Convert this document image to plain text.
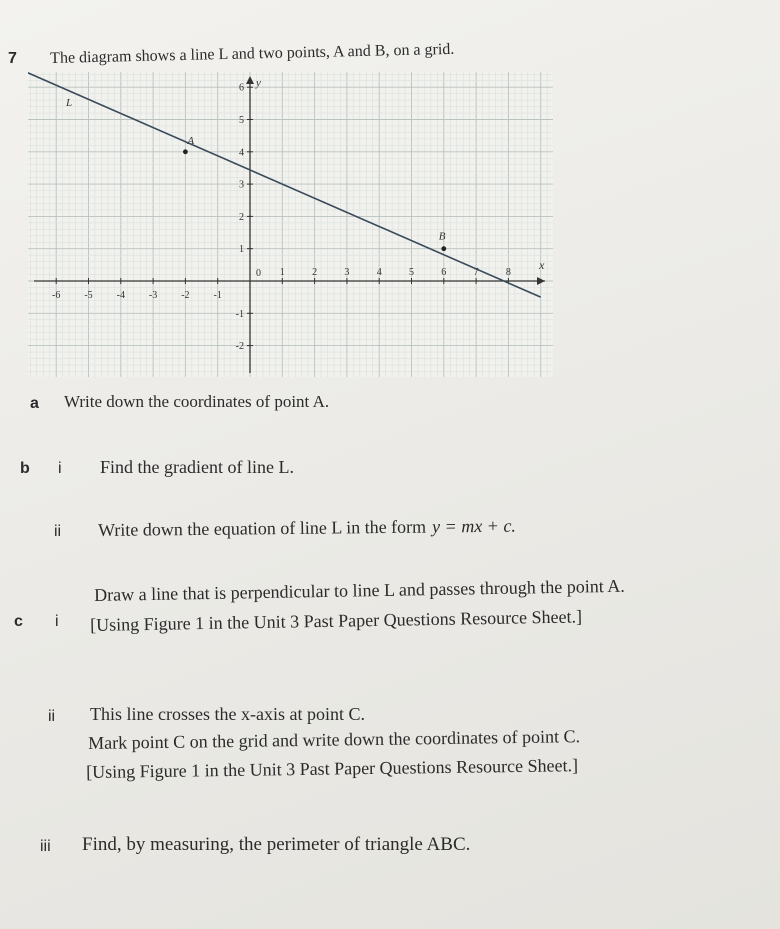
7 The diagram shows a line L and two points, A and B, on a grid.
-6 -5 -4 -3 -2 -1
1	2	3	4	5	6	7	8
6
5
4
3
2
1
-1
-2
L
A
B
x
y
0
a Write down the coordinates of point A.
b i Find the gradient of line L.
ii Write down the equation of line L in the form y = mx + c.
c i
Draw a line that is perpendicular to line L and passes through the point A.
[Using Figure 1 in the Unit 3 Past Paper Questions Resource Sheet.]
ii This line crosses the x-axis at point C.
Mark point C on the grid and write down the coordinates of point C.
[Using Figure 1 in the Unit 3 Past Paper Questions Resource Sheet.]
iii Find, by measuring, the perimeter of triangle ABC.
